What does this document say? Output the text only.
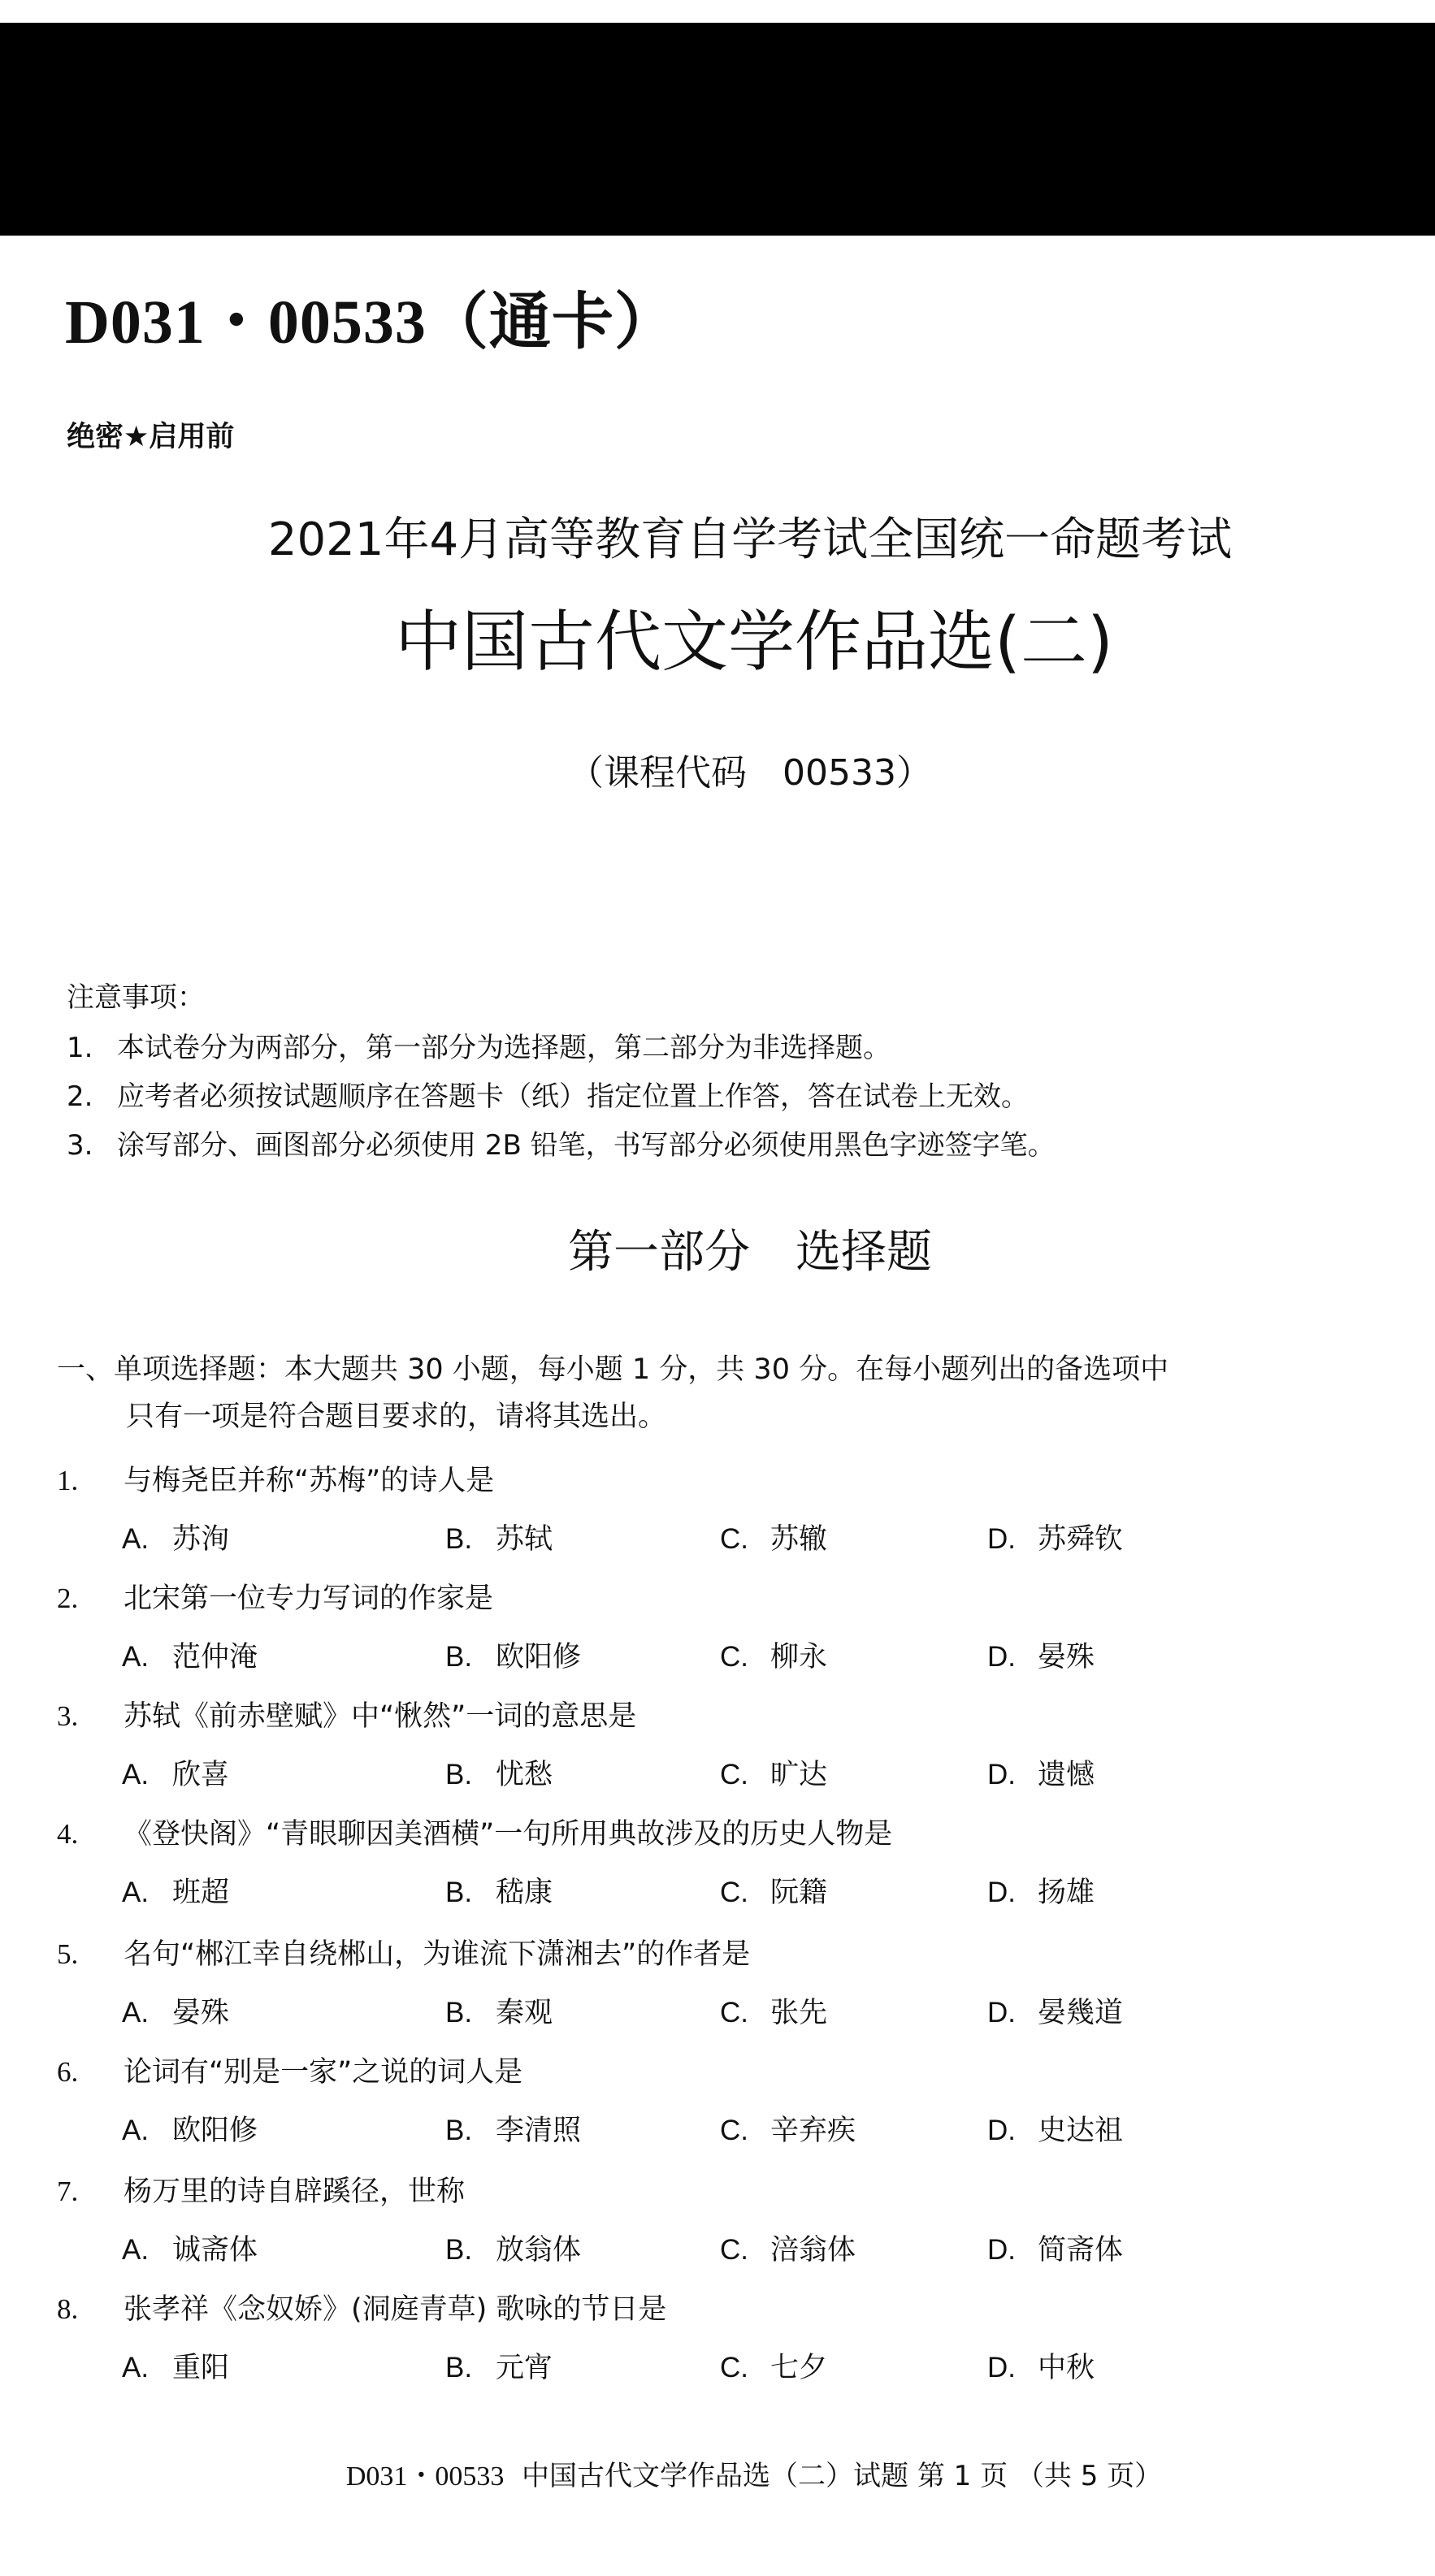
D031・00533（通卡）
绝密★启用前
2021年4月高等教育自学考试全国统一命题考试
中国古代文学作品选(二)
（课程代码　00533）
注意事项：
1. 本试卷分为两部分，第一部分为选择题，第二部分为非选择题。
2. 应考者必须按试题顺序在答题卡（纸）指定位置上作答，答在试卷上无效。
3. 涂写部分、画图部分必须使用 2B 铅笔，书写部分必须使用黑色字迹签字笔。
第一部分　选择题
一、单项选择题：本大题共 30 小题，每小题 1 分，共 30 分。在每小题列出的备选项中
只有一项是符合题目要求的，请将其选出。
1. 与梅尧臣并称“苏梅”的诗人是
A. 苏洵	B. 苏轼	C. 苏辙	D. 苏舜钦
2. 北宋第一位专力写词的作家是
A. 范仲淹	B. 欧阳修	C. 柳永	D. 晏殊
3. 苏轼《前赤壁赋》中“愀然”一词的意思是
A. 欣喜	B. 忧愁	C. 旷达	D. 遗憾
4. 《登快阁》“青眼聊因美酒横”一句所用典故涉及的历史人物是
A. 班超	B. 嵇康	C. 阮籍	D. 扬雄
5. 名句“郴江幸自绕郴山，为谁流下潇湘去”的作者是
A. 晏殊	B. 秦观	C. 张先	D. 晏幾道
6. 论词有“别是一家”之说的词人是
A. 欧阳修	B. 李清照	C. 辛弃疾	D. 史达祖
7. 杨万里的诗自辟蹊径，世称
A. 诚斋体	B. 放翁体	C. 涪翁体	D. 简斋体
8. 张孝祥《念奴娇》(洞庭青草) 歌咏的节日是
A. 重阳	B. 元宵	C. 七夕	D. 中秋
D031・00533 中国古代文学作品选（二）试题 第 1 页 （共 5 页）
